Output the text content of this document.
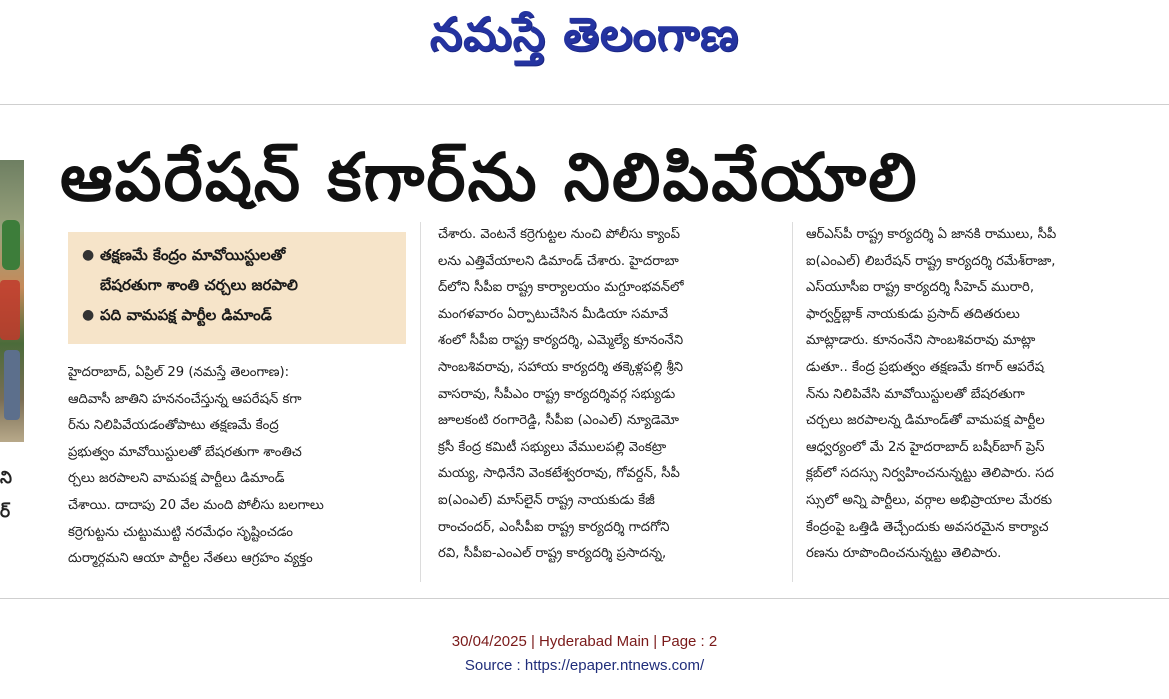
నమస్తే తెలంగాణ
ని
ర్
ఆపరేషన్ కగార్‌ను నిలిపివేయాలి
● తక్షణమే కేంద్రం మావోయిస్టులతో
బేషరతుగా శాంతి చర్చలు జరపాలి
● పది వామపక్ష పార్టీల డిమాండ్
హైదరాబాద్, ఏప్రిల్ 29 (నమస్తే తెలంగాణ):
ఆదివాసీ జాతిని హననంచేస్తున్న ఆపరేషన్ కగా
ర్‌ను నిలిపివేయడంతోపాటు తక్షణమే కేంద్ర
ప్రభుత్వం మావోయిస్టులతో బేషరతుగా శాంతిచ
ర్చలు జరపాలని వామపక్ష పార్టీలు డిమాండ్
చేశాయి. దాదాపు 20 వేల మంది పోలీసు బలగాలు
కర్రెగుట్టను చుట్టుముట్టి నరమేధం సృష్టించడం
దుర్మార్గమని ఆయా పార్టీల నేతలు ఆగ్రహం వ్యక్తం
చేశారు. వెంటనే కర్రెగుట్టల నుంచి పోలీసు క్యాంప్
లను ఎత్తివేయాలని డిమాండ్ చేశారు. హైదరాబా
ద్‌లోని సీపీఐ రాష్ట్ర కార్యాలయం మగ్దూంభవన్‌లో
మంగళవారం ఏర్పాటుచేసిన మీడియా సమావే
శంలో సీపీఐ రాష్ట్ర కార్యదర్శి, ఎమ్మెల్యే కూనంనేని
సాంబశివరావు, సహాయ కార్యదర్శి తక్కెళ్లపల్లి శ్రీని
వాసరావు, సీపీఎం రాష్ట్ర కార్యదర్శివర్గ సభ్యుడు
జూలకంటి రంగారెడ్డి, సీపీఐ (ఎంఎల్) న్యూడెమో
క్రసీ కేంద్ర కమిటీ సభ్యులు వేములపల్లి వెంకట్రా
మయ్య, సాధినేని వెంకటేశ్వరరావు, గోవర్దన్, సీపీ
ఐ(ఎంఎల్) మాస్‌లైన్ రాష్ట్ర నాయకుడు కేజీ
రాంచందర్, ఎంసీపీఐ రాష్ట్ర కార్యదర్శి గాదగోని
రవి, సీపీఐ-ఎంఎల్ రాష్ట్ర కార్యదర్శి ప్రసాదన్న,
ఆర్‌ఎస్‌పీ రాష్ట్ర కార్యదర్శి ఏ జానకి రాములు, సీపీ
ఐ(ఎంఎల్) లిబరేషన్ రాష్ట్ర కార్యదర్శి రమేశ్‌రాజా,
ఎస్‌యూసీఐ రాష్ట్ర కార్యదర్శి సీహెచ్ మురారి,
ఫార్వర్డ్‌బ్లాక్ నాయకుడు ప్రసాద్ తదితరులు
మాట్లాడారు. కూనంనేని సాంబశివరావు మాట్లా
డుతూ.. కేంద్ర ప్రభుత్వం తక్షణమే కగార్ ఆపరేష
న్‌ను నిలిపివేసి మావోయిస్టులతో బేషరతుగా
చర్చలు జరపాలన్న డిమాండ్‌తో వామపక్ష పార్టీల
ఆధ్వర్యంలో మే 2న హైదరాబాద్ బషీర్‌బాగ్ ప్రెస్
క్లబ్‌లో సదస్సు నిర్వహించనున్నట్టు తెలిపారు. సద
స్సులో అన్ని పార్టీలు, వర్గాల అభిప్రాయాల మేరకు
కేంద్రంపై ఒత్తిడి తెచ్చేందుకు అవసరమైన కార్యాచ
రణను రూపొందించనున్నట్టు తెలిపారు.
30/04/2025 | Hyderabad Main | Page : 2
Source : https://epaper.ntnews.com/
